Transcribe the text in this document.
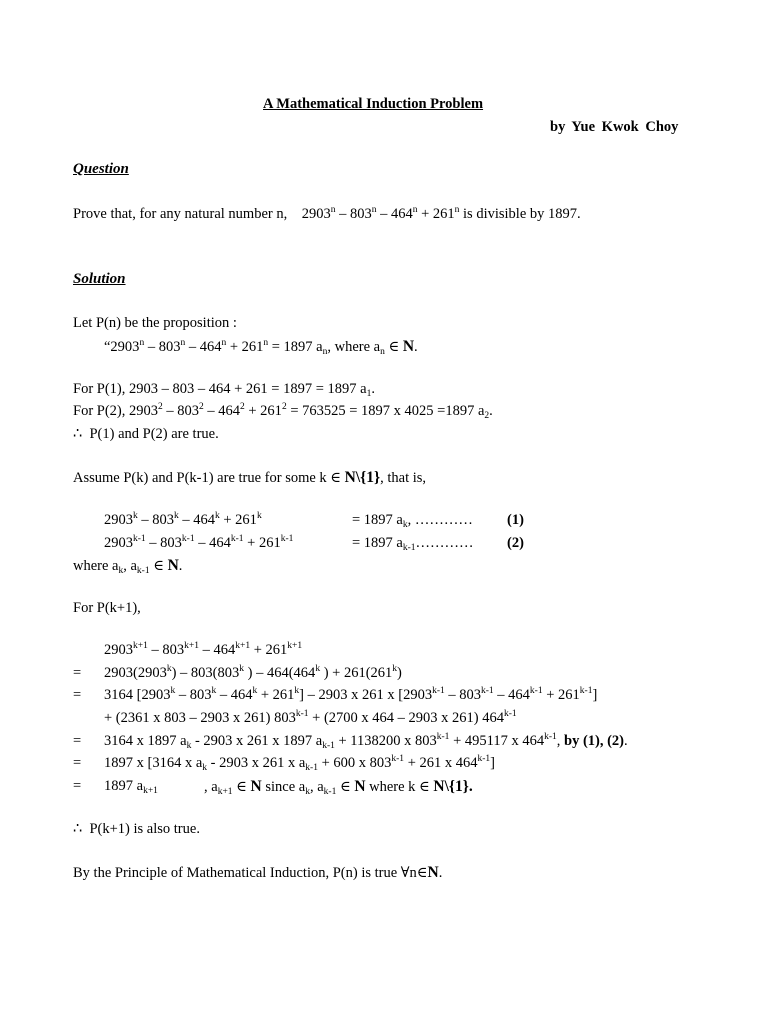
A Mathematical Induction Problem
by Yue Kwok Choy
Question
Prove that, for any natural number n,    $2903^n - 803^n - 464^n + 261^n$ is divisible by 1897.
Solution
Let P(n) be the proposition :
“$2903^n - 803^n - 464^n + 261^n = 1897$ $a_n$, where $a_n$ ∈ N.
For P(1), 2903 – 803 – 464 + 261 = 1897 = 1897 $a_1$.
For P(2), $2903^2 - 803^2 - 464^2 + 261^2 = 763525 = 1897$ x 4025 =1897 $a_2$.
∴  P(1) and P(2) are true.
Assume P(k) and P(k-1) are true for some k ∈ N\{1}, that is,
$2903^k - 803^k - 464^k + 261^k$	= 1897 $a_k$, ………… (1)
$2903^{k-1} - 803^{k-1} - 464^{k-1} + 261^{k-1}$	= 1897 $a_{k-1}\dots\dots\dots\dots$ (2)
where $a_k$, $a_{k-1}$ ∈ N.
For P(k+1),
$2903^{k+1} - 803^{k+1} - 464^{k+1} + 261^{k+1}$
= $2903(2903^k) - 803(803^k$ ) – 464(464$^k$ ) + $261(261^k)$
= 3164 $[2903^k - 803^k - 464^k + 261^k] - 2903$ x 261 x $[2903^{k-1} - 803^{k-1} - 464^{k-1} + 261^{k-1}]$
+ (2361 x 803 – 2903 x 261) $803^{k-1} + (2700$ x 464 – 2903 x 261) $464^{k-1}$
= 3164 x 1897 $a_k - 2903$ x 261 x 1897 $a_{k-1} + 1138200$ x $803^{k-1} + 495117$ x 464$^{k-1}$, by (1), (2).
= 1897 x [3164 x $a_k - 2903$ x 261 x $a_{k-1} + 600$ x $803^{k-1} + 261$ x $464^{k-1}$]
= 1897 $a_{k+1}$	, $a_{k+1}$ ∈ N since $a_k$, $a_{k-1}$ ∈ N where k ∈ N\{1}.
∴  P(k+1) is also true.
By the Principle of Mathematical Induction, P(n) is true ∀n∈N.
